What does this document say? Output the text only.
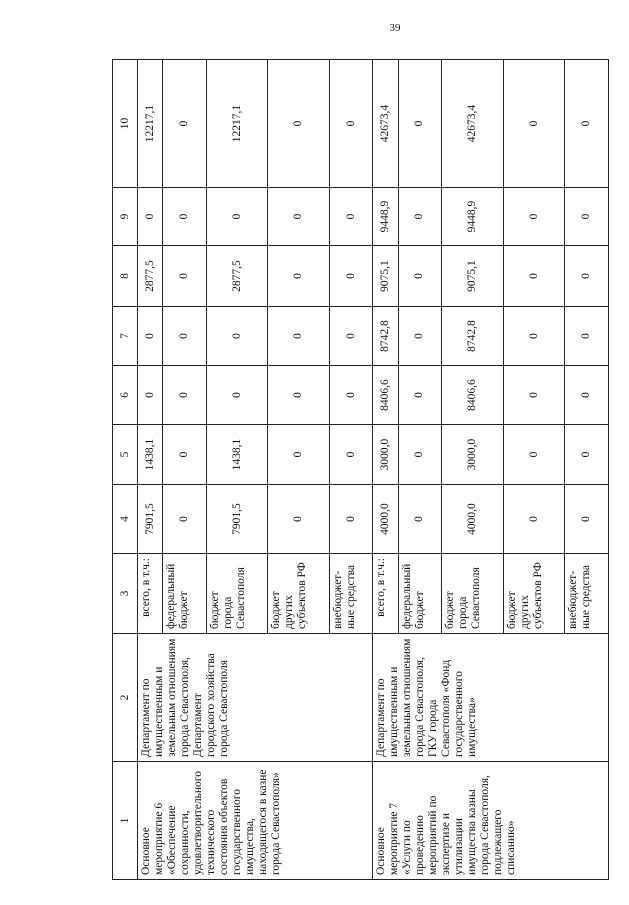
39
1	2	3	4	5	6	7	8	9	10
Основное мероприятие 6 «Обеспечение сохранности, удовлетворительного технического состояния объектов государственного имущества, находящегося в казне города Севастополя»	Департамент по имущественным и земельным отношениям города Севастополя, Департамент городского хозяйства города Севастополя	всего, в т.ч.:	7901,5	1438,1	0	0	2877,5	0	12217,1
		федеральный бюджет	0	0	0	0	0	0	0
		бюджет города Севастополя	7901,5	1438,1	0	0	2877,5	0	12217,1
		бюджет других субъектов РФ	0	0	0	0	0	0	0
		внебюджет-ные средства	0	0	0	0	0	0	0
Основное мероприятие 7 «Услуги по проведению мероприятий по экспертизе и утилизации имущества казны города Севастополя, подлежащего списанию»	Департамент по имущественным и земельным отношениям города Севастополя, ГКУ города Севастополя «Фонд государственного имущества»	всего, в т.ч.:	4000,0	3000,0	8406,6	8742,8	9075,1	9448,9	42673,4
		федеральный бюджет	0	0	0	0	0	0	0
		бюджет города Севастополя	4000,0	3000,0	8406,6	8742,8	9075,1	9448,9	42673,4
		бюджет других субъектов РФ	0	0	0	0	0	0	0
		внебюджет-ные средства	0	0	0	0	0	0	0
